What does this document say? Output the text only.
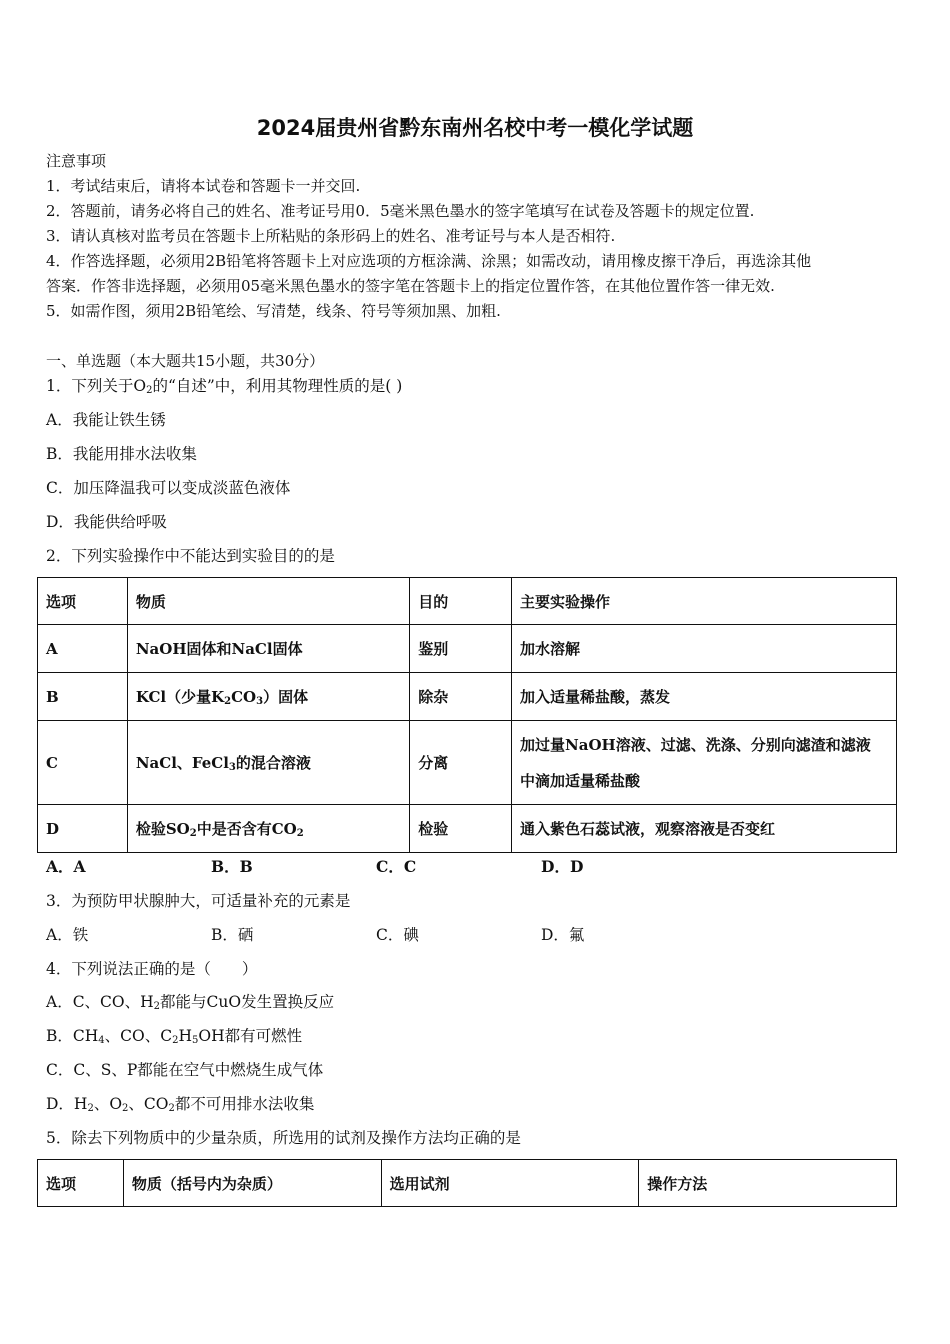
2024届贵州省黔东南州名校中考一模化学试题
注意事项
1．考试结束后，请将本试卷和答题卡一并交回.
2．答题前，请务必将自己的姓名、准考证号用0．5毫米黑色墨水的签字笔填写在试卷及答题卡的规定位置.
3．请认真核对监考员在答题卡上所粘贴的条形码上的姓名、准考证号与本人是否相符.
4．作答选择题，必须用2B铅笔将答题卡上对应选项的方框涂满、涂黑；如需改动，请用橡皮擦干净后，再选涂其他
答案．作答非选择题，必须用05毫米黑色墨水的签字笔在答题卡上的指定位置作答，在其他位置作答一律无效.
5．如需作图，须用2B铅笔绘、写清楚，线条、符号等须加黑、加粗.
一、单选题（本大题共15小题，共30分）
1．下列关于$O_2$的“自述”中，利用其物理性质的是( )
A．我能让铁生锈
B．我能用排水法收集
C．加压降温我可以变成淡蓝色液体
D．我能供给呼吸
2．下列实验操作中不能达到实验目的的是
选项	物质	目的	主要实验操作
A	NaOH固体和NaCl固体	鉴别	加水溶解
B	KCl（少量$K_2CO_3$）固体	除杂	加入适量稀盐酸，蒸发
C	NaCl、FeCl$_3$的混合溶液	分离	加过量NaOH溶液、过滤、洗涤、分别向滤渣和滤液
中滴加适量稀盐酸

D	检验$SO_2$中是否含有$CO_2$	检验	通入紫色石蕊试液，观察溶液是否变红
A．A	B．B	C．C	D．D
3．为预防甲状腺肿大，可适量补充的元素是
A．铁	B．硒	C．碘	D．氟
4．下列说法正确的是（　　）
A．C、CO、$H_2$都能与CuO发生置换反应
B．$CH_4$、CO、$C_2H_5OH$都有可燃性
C．C、S、P都能在空气中燃烧生成气体
D．$H_2$、$O_2$、$CO_2$都不可用排水法收集
5．除去下列物质中的少量杂质，所选用的试剂及操作方法均正确的是
选项	物质（括号内为杂质）	选用试剂	操作方法
